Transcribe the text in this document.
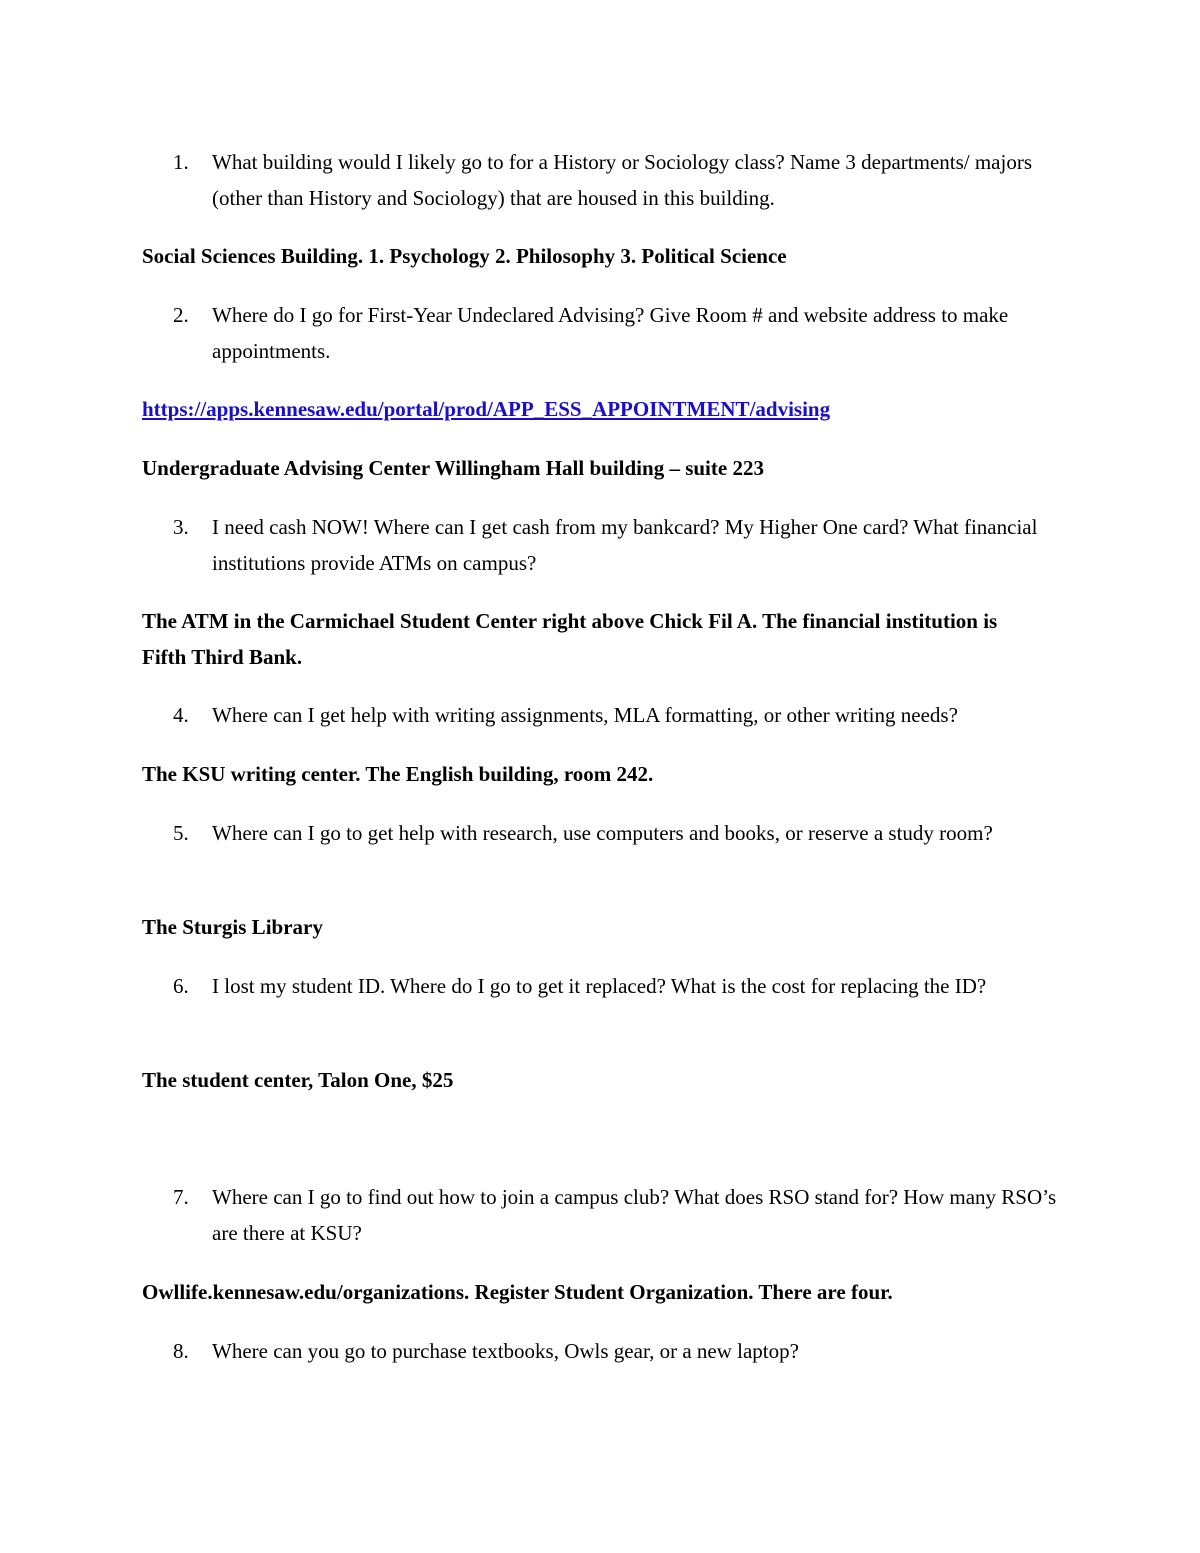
1. What building would I likely go to for a History or Sociology class? Name 3 departments/ majors (other than History and Sociology) that are housed in this building.
Social Sciences Building. 1. Psychology 2. Philosophy 3. Political Science
2. Where do I go for First-Year Undeclared Advising? Give Room # and website address to make appointments.
https://apps.kennesaw.edu/portal/prod/APP_ESS_APPOINTMENT/advising
Undergraduate Advising Center Willingham Hall building – suite 223
3. I need cash NOW! Where can I get cash from my bankcard? My Higher One card? What financial institutions provide ATMs on campus?
The ATM in the Carmichael Student Center right above Chick Fil A. The financial institution is Fifth Third Bank.
4. Where can I get help with writing assignments, MLA formatting, or other writing needs?
The KSU writing center. The English building, room 242.
5. Where can I go to get help with research, use computers and books, or reserve a study room?
The Sturgis Library
6. I lost my student ID. Where do I go to get it replaced? What is the cost for replacing the ID?
The student center, Talon One, $25
7. Where can I go to find out how to join a campus club? What does RSO stand for? How many RSO’s are there at KSU?
Owllife.kennesaw.edu/organizations. Register Student Organization. There are four.
8. Where can you go to purchase textbooks, Owls gear, or a new laptop?
